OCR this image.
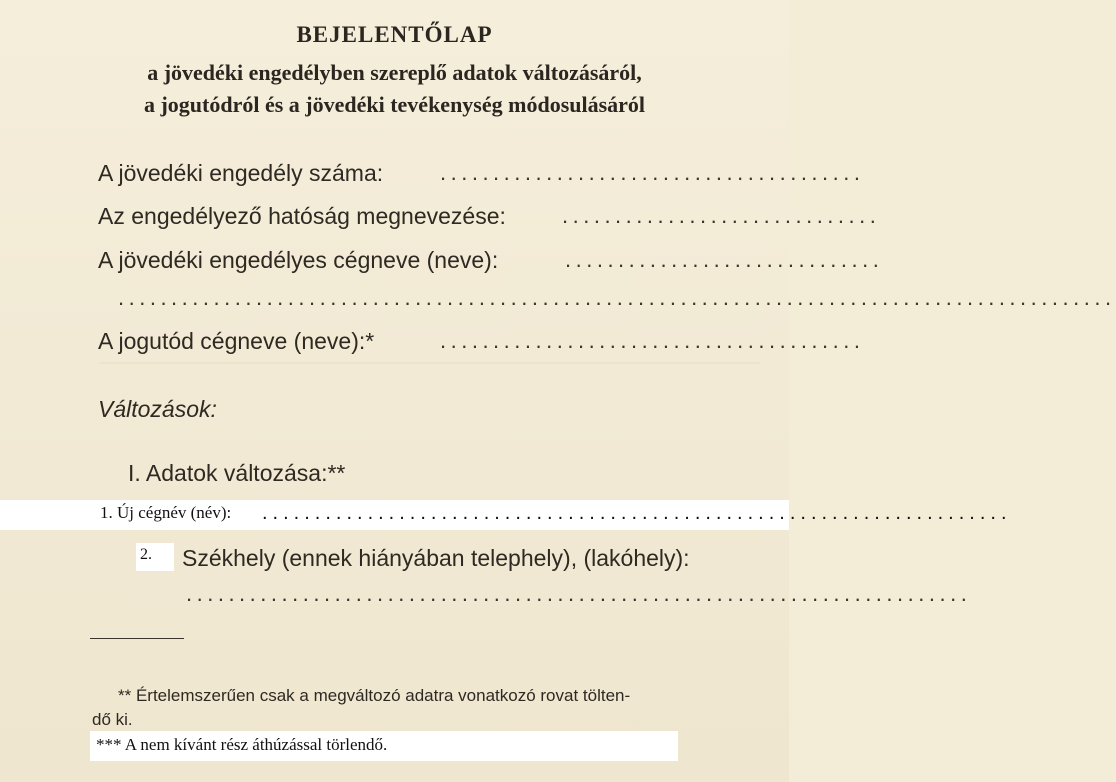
BEJELENTŐLAP
a jövedéki engedélyben szereplő adatok változásáról,
a jogutódról és a jövedéki tevékenység módosulásáról
A jövedéki engedély száma:	........................................
Az engedélyező hatóság megnevezése:	..............................
A jövedéki engedélyes cégneve (neve):	..............................
..............................................................................................
A jogutód cégneve (neve):*	........................................
Változások:
I. Adatok változása:**
1. Új cégnév (név): .......................................................................
2. Székhely (ennek hiányában telephely), (lakóhely):
..........................................................................
** Értelemszerűen csak a megváltozó adatra vonatkozó rovat tölten-
dő ki.
*** A nem kívánt rész áthúzással törlendő.
